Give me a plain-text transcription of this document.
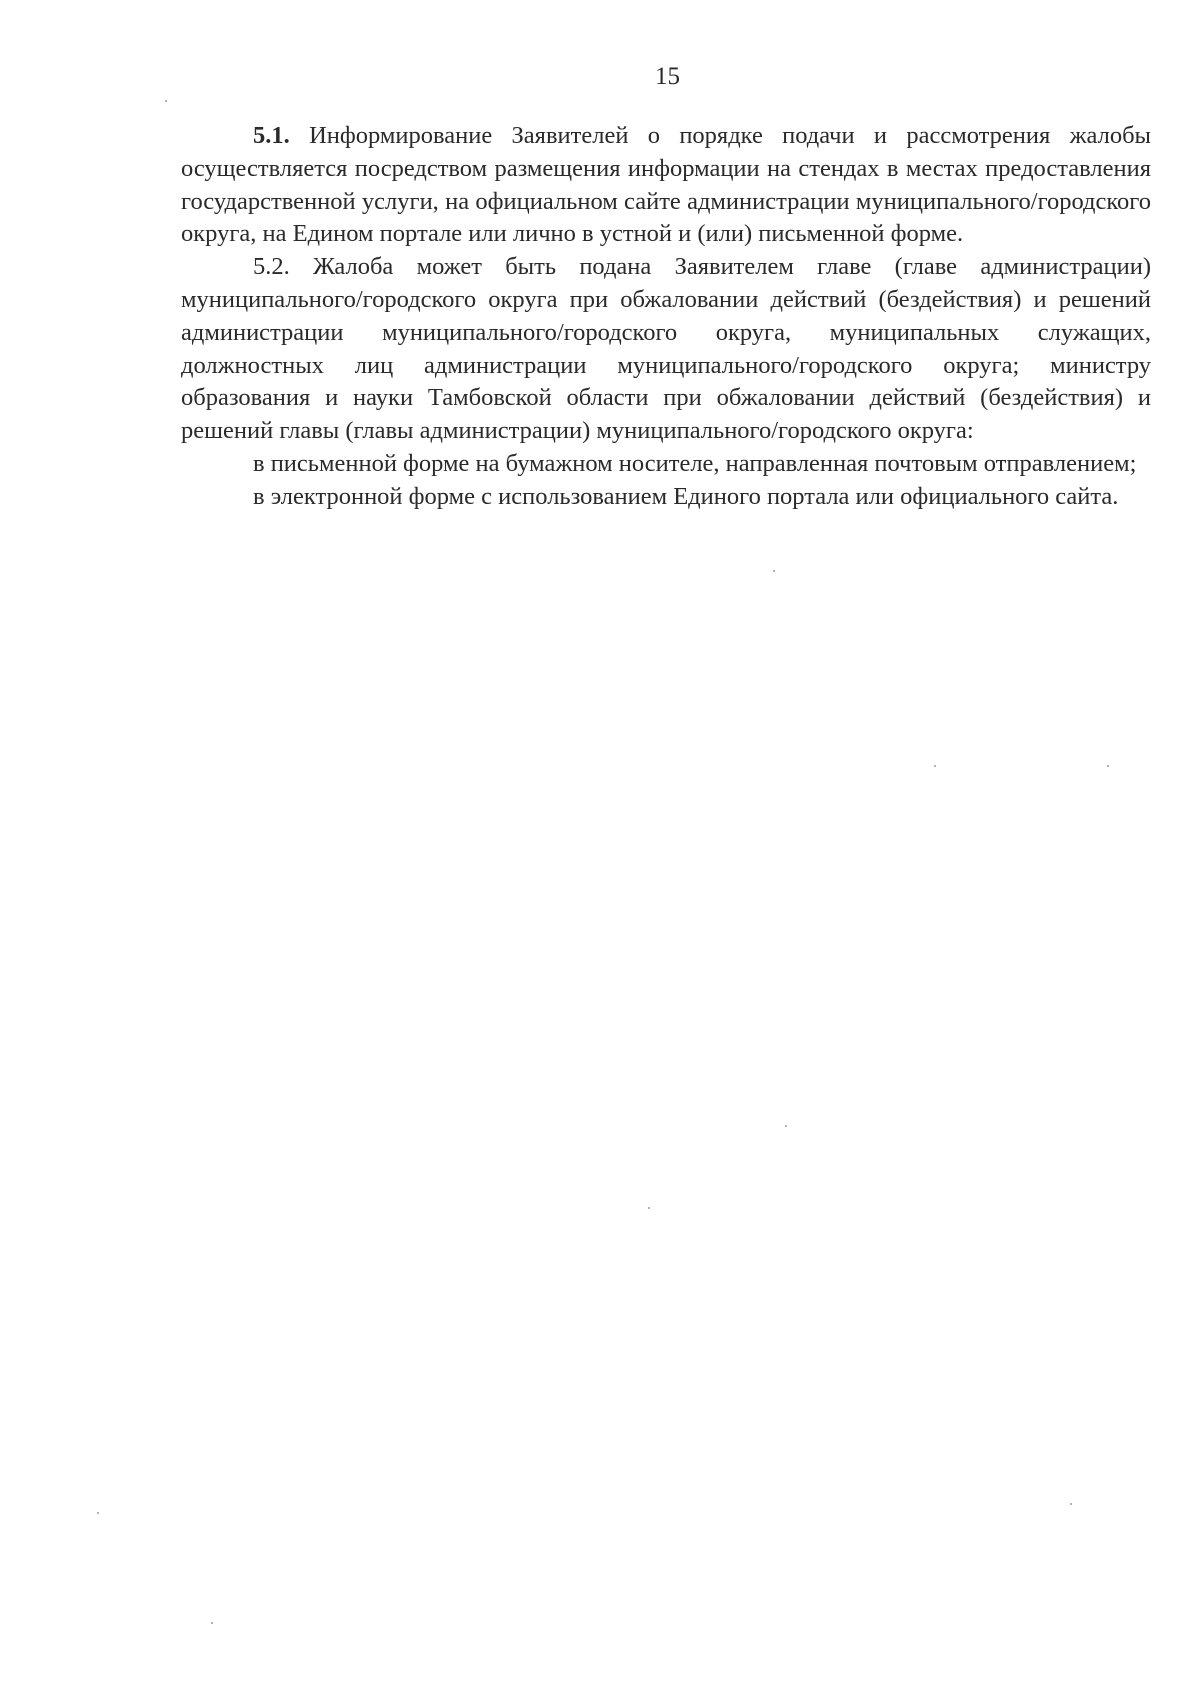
15

5.1. Информирование Заявителей о порядке подачи и рассмотрения жалобы осуществляется посредством размещения информации на стендах в местах предоставления государственной услуги, на официальном сайте администрации муниципального/городского округа, на Едином портале или лично в устной и (или) письменной форме.

5.2. Жалоба может быть подана Заявителем главе (главе администрации) муниципального/городского округа при обжаловании действий (бездействия) и решений администрации муниципального/городского округа, муниципальных служащих, должностных лиц администрации муниципального/городского округа; министру образования и науки Тамбовской области при обжаловании действий (бездействия) и решений главы (главы администрации) муниципального/городского округа:

в письменной форме на бумажном носителе, направленная почтовым отправлением;

в электронной форме с использованием Единого портала или официального сайта.
